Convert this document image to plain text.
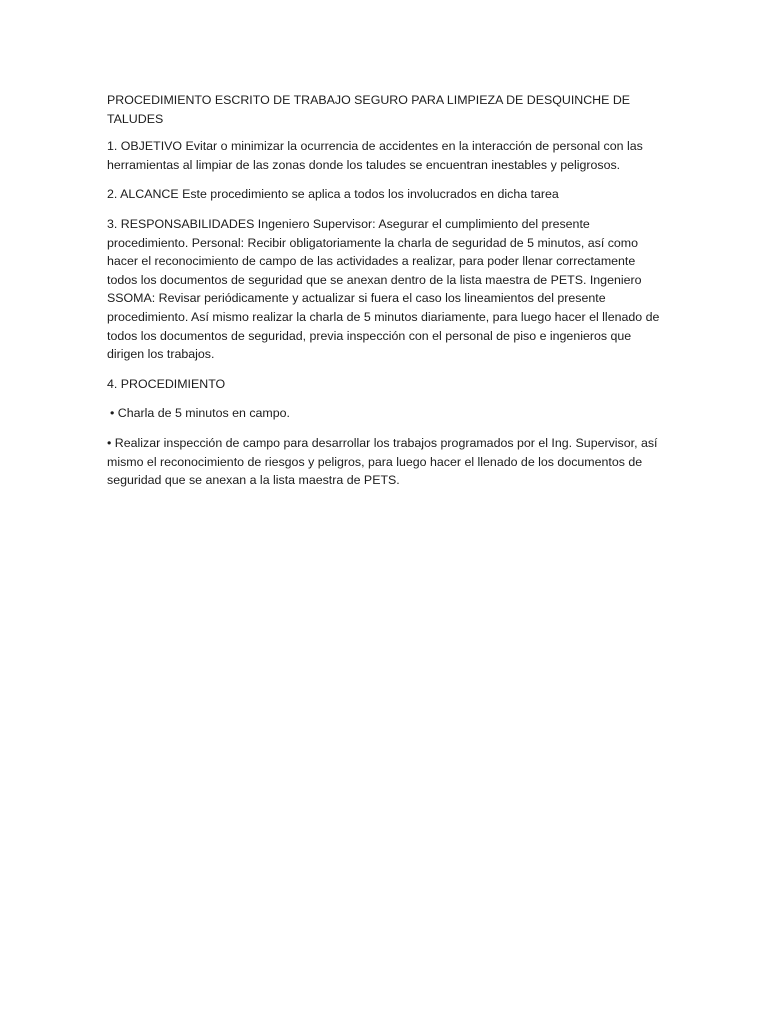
PROCEDIMIENTO ESCRITO DE TRABAJO SEGURO PARA LIMPIEZA DE DESQUINCHE DE TALUDES

1. OBJETIVO Evitar o minimizar la ocurrencia de accidentes en la interacción de personal con las herramientas al limpiar de las zonas donde los taludes se encuentran inestables y peligrosos.

2. ALCANCE Este procedimiento se aplica a todos los involucrados en dicha tarea

3. RESPONSABILIDADES Ingeniero Supervisor: Asegurar el cumplimiento del presente procedimiento. Personal: Recibir obligatoriamente la charla de seguridad de 5 minutos, así como hacer el reconocimiento de campo de las actividades a realizar, para poder llenar correctamente todos los documentos de seguridad que se anexan dentro de la lista maestra de PETS. Ingeniero SSOMA: Revisar periódicamente y actualizar si fuera el caso los lineamientos del presente procedimiento. Así mismo realizar la charla de 5 minutos diariamente, para luego hacer el llenado de todos los documentos de seguridad, previa inspección con el personal de piso e ingenieros que dirigen los trabajos.

4. PROCEDIMIENTO

• Charla de 5 minutos en campo.

• Realizar inspección de campo para desarrollar los trabajos programados por el Ing. Supervisor, así mismo el reconocimiento de riesgos y peligros, para luego hacer el llenado de los documentos de seguridad que se anexan a la lista maestra de PETS.
